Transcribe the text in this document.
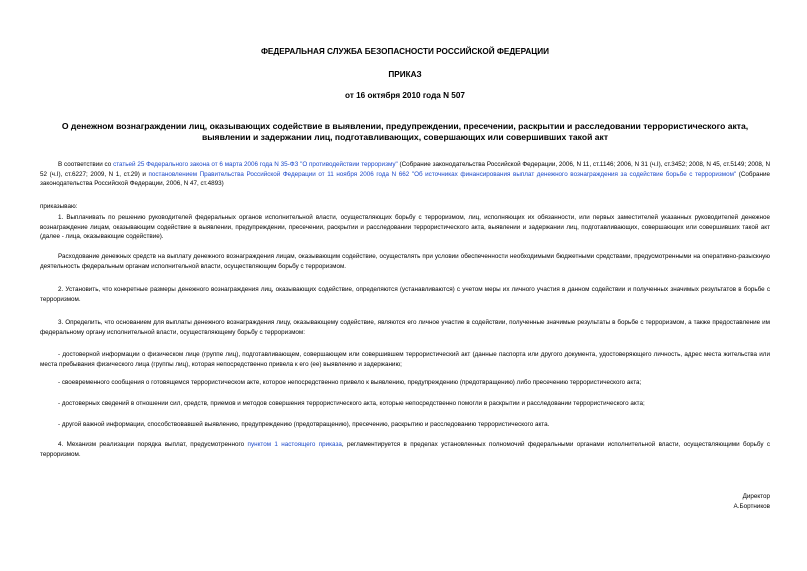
ФЕДЕРАЛЬНАЯ СЛУЖБА БЕЗОПАСНОСТИ РОССИЙСКОЙ ФЕДЕРАЦИИ
ПРИКАЗ
от 16 октября 2010 года N 507
О денежном вознаграждении лиц, оказывающих содействие в выявлении, предупреждении, пресечении, раскрытии и расследовании террористического акта, выявлении и задержании лиц, подготавливающих, совершающих или совершивших такой акт

В соответствии со статьей 25 Федерального закона от 6 марта 2006 года N 35-ФЗ "О противодействии терроризму" (Собрание законодательства Российской Федерации, 2006, N 11, ст.1146; 2006, N 31 (ч.I), ст.3452; 2008, N 45, ст.5149; 2008, N 52 (ч.I), ст.6227; 2009, N 1, ст.29) и постановлением Правительства Российской Федерации от 11 ноября 2006 года N 662 "Об источниках финансирования выплат денежного вознаграждения за содействие борьбе с терроризмом" (Собрание законодательства Российской Федерации, 2006, N 47, ст.4893)

приказываю:

1. Выплачивать по решению руководителей федеральных органов исполнительной власти, осуществляющих борьбу с терроризмом, лиц, исполняющих их обязанности, или первых заместителей указанных руководителей денежное вознаграждение лицам, оказывающим содействие в выявлении, предупреждении, пресечении, раскрытии и расследовании террористического акта, выявлении и задержании лиц, подготавливающих, совершающих или совершивших такой акт (далее - лица, оказывающие содействие).

Расходование денежных средств на выплату денежного вознаграждения лицам, оказывающим содействие, осуществлять при условии обеспеченности необходимыми бюджетными средствами, предусмотренными на оперативно-разыскную деятельность федеральным органам исполнительной власти, осуществляющим борьбу с терроризмом.

2. Установить, что конкретные размеры денежного вознаграждения лиц, оказывающих содействие, определяются (устанавливаются) с учетом меры их личного участия в данном содействии и полученных значимых результатов в борьбе с терроризмом.

3. Определить, что основанием для выплаты денежного вознаграждения лицу, оказывающему содействие, являются его личное участие в содействии, полученные значимые результаты в борьбе с терроризмом, а также предоставление им федеральному органу исполнительной власти, осуществляющему борьбу с терроризмом:

- достоверной информации о физическом лице (группе лиц), подготавливающем, совершающем или совершившем террористический акт (данные паспорта или другого документа, удостоверяющего личность, адрес места жительства или места пребывания физического лица (группы лиц), которая непосредственно привела к его (ее) выявлению и задержанию;

- своевременного сообщения о готовящемся террористическом акте, которое непосредственно привело к выявлению, предупреждению (предотвращению) либо пресечению террористического акта;

- достоверных сведений в отношении сил, средств, приемов и методов совершения террористического акта, которые непосредственно помогли в раскрытии и расследовании террористического акта;

- другой важной информации, способствовавшей выявлению, предупреждению (предотвращению), пресечению, раскрытию и расследованию террористического акта.

4. Механизм реализации порядка выплат, предусмотренного пунктом 1 настоящего приказа, регламентируется в пределах установленных полномочий федеральными органами исполнительной власти, осуществляющими борьбу с терроризмом.

Директор
А.Бортников
